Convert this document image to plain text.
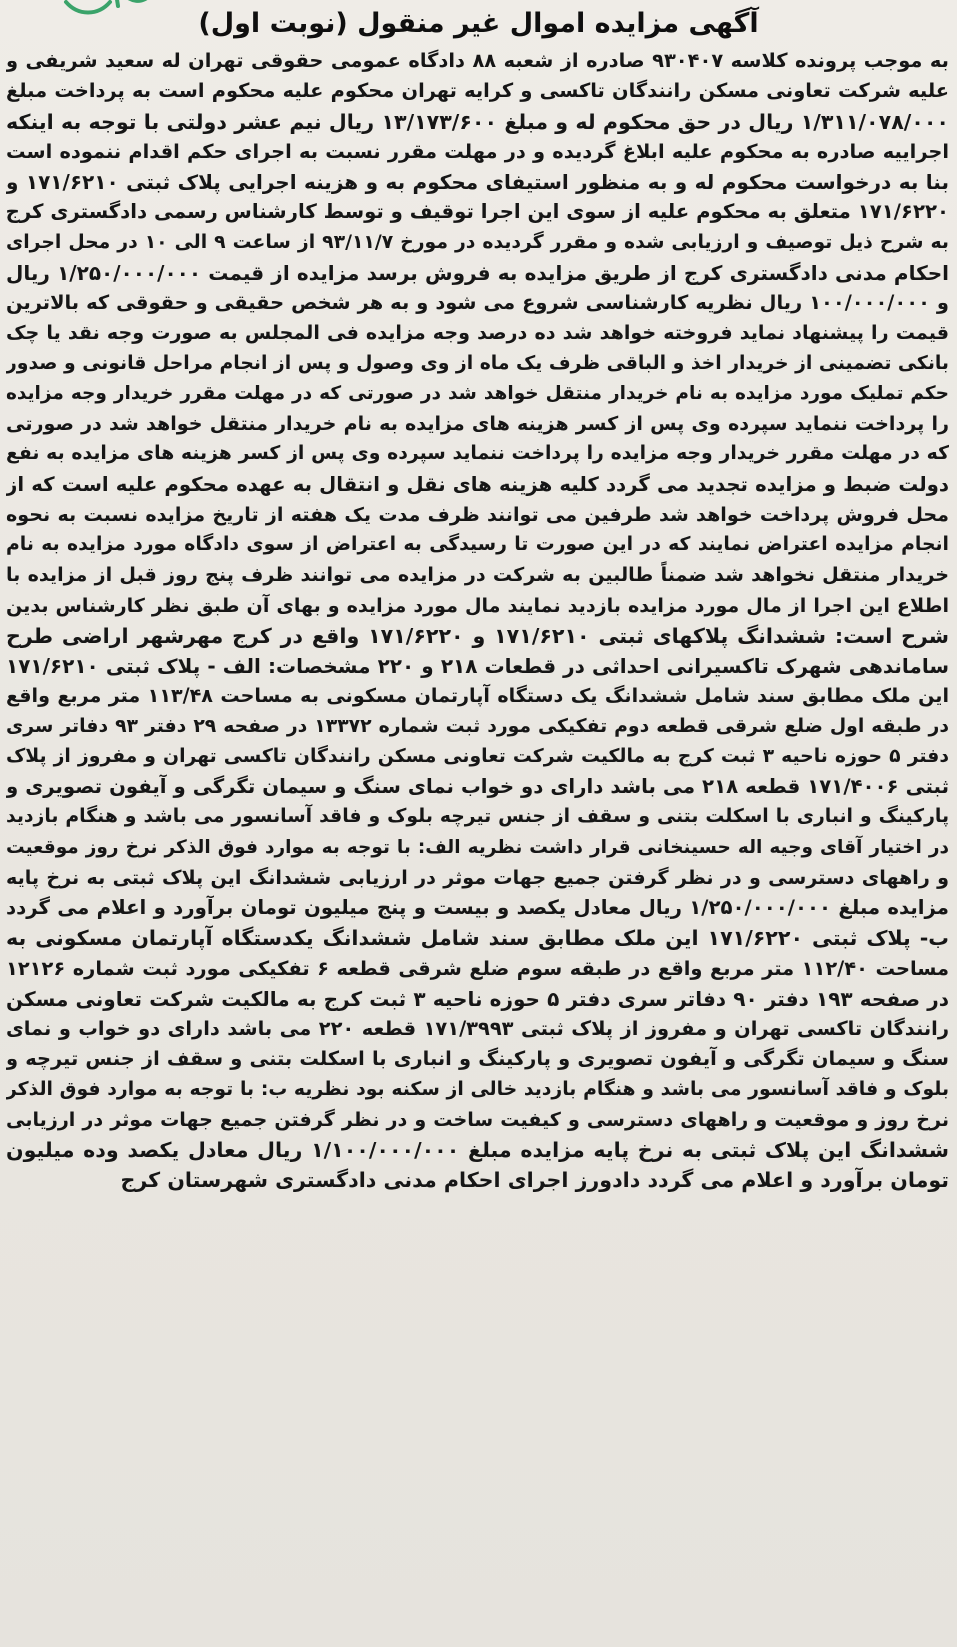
آگهی مزایده اموال غیر منقول (نوبت اول)
به موجب پرونده کلاسه ۹۳۰۴۰۷ صادره از شعبه ۸۸ دادگاه عمومی حقوقی تهران له سعید شریفی و
علیه شرکت تعاونی مسکن رانندگان تاکسی و کرایه تهران محکوم علیه محکوم است به پرداخت مبلغ
۱/۳۱۱/۰۷۸/۰۰۰ ریال در حق محکوم له و مبلغ ۱۳/۱۷۳/۶۰۰ ریال نیم عشر دولتی با توجه به اینکه
اجراییه صادره به محکوم علیه ابلاغ گردیده و در مهلت مقرر نسبت به اجرای حکم اقدام ننموده است
بنا به درخواست محکوم له و به منظور استیفای محکوم به و هزینه اجرایی پلاک ثبتی ۱۷۱/۶۲۱۰ و
۱۷۱/۶۲۲۰ متعلق به محکوم علیه از سوی این اجرا توقیف و توسط کارشناس رسمی دادگستری کرج
به شرح ذیل توصیف و ارزیابی شده و مقرر گردیده در مورخ ۹۳/۱۱/۷ از ساعت ۹ الی ۱۰ در محل اجرای
احکام مدنی دادگستری کرج از طریق مزایده به فروش برسد مزایده از قیمت ۱/۲۵۰/۰۰۰/۰۰۰ ریال
و ۱۰۰/۰۰۰/۰۰۰ ریال نظریه کارشناسی شروع می شود و به هر شخص حقیقی و حقوقی که بالاترین
قیمت را پیشنهاد نماید فروخته خواهد شد ده درصد وجه مزایده فی المجلس به صورت وجه نقد یا چک
بانکی تضمینی از خریدار اخذ و الباقی ظرف یک ماه از وی وصول و پس از انجام مراحل قانونی و صدور
حکم تملیک مورد مزایده به نام خریدار منتقل خواهد شد در صورتی که در مهلت مقرر خریدار وجه مزایده
را پرداخت ننماید سپرده وی پس از کسر هزینه های مزایده به نام خریدار منتقل خواهد شد در صورتی
که در مهلت مقرر خریدار وجه مزایده را پرداخت ننماید سپرده وی پس از کسر هزینه های مزایده به نفع
دولت ضبط و مزایده تجدید می گردد کلیه هزینه های نقل و انتقال به عهده محکوم علیه است که از
محل فروش پرداخت خواهد شد طرفین می توانند ظرف مدت یک هفته از تاریخ مزایده نسبت به نحوه
انجام مزایده اعتراض نمایند که در این صورت تا رسیدگی به اعتراض از سوی دادگاه مورد مزایده به نام
خریدار منتقل نخواهد شد ضمناً طالبین به شرکت در مزایده می توانند ظرف پنج روز قبل از مزایده با
اطلاع این اجرا از مال مورد مزایده بازدید نمایند مال مورد مزایده و بهای آن طبق نظر کارشناس بدین
شرح است: ششدانگ پلاکهای ثبتی ۱۷۱/۶۲۱۰ و ۱۷۱/۶۲۲۰ واقع در کرج مهرشهر اراضی طرح
ساماندهی شهرک تاکسیرانی احداثی در قطعات ۲۱۸ و ۲۲۰ مشخصات: الف - پلاک ثبتی ۱۷۱/۶۲۱۰
این ملک مطابق سند شامل ششدانگ یک دستگاه آپارتمان مسکونی به مساحت ۱۱۳/۴۸ متر مربع واقع
در طبقه اول ضلع شرقی قطعه دوم تفکیکی مورد ثبت شماره ۱۳۳۷۲ در صفحه ۲۹ دفتر ۹۳ دفاتر سری
دفتر ۵ حوزه ناحیه ۳ ثبت کرج به مالکیت شرکت تعاونی مسکن رانندگان تاکسی تهران و مفروز از پلاک
ثبتی ۱۷۱/۴۰۰۶ قطعه ۲۱۸ می باشد دارای دو خواب نمای سنگ و سیمان تگرگی و آیفون تصویری و
پارکینگ و انباری با اسکلت بتنی و سقف از جنس تیرچه بلوک و فاقد آسانسور می باشد و هنگام بازدید
در اختیار آقای وجیه اله حسینخانی قرار داشت نظریه الف: با توجه به موارد فوق الذکر نرخ روز موقعیت
و راههای دسترسی و در نظر گرفتن جمیع جهات موثر در ارزیابی ششدانگ این پلاک ثبتی به نرخ پایه
مزایده مبلغ ۱/۲۵۰/۰۰۰/۰۰۰ ریال معادل یکصد و بیست و پنج میلیون تومان برآورد و اعلام می گردد
ب- پلاک ثبتی ۱۷۱/۶۲۲۰ این ملک مطابق سند شامل ششدانگ یکدستگاه آپارتمان مسکونی به
مساحت ۱۱۲/۴۰ متر مربع واقع در طبقه سوم ضلع شرقی قطعه ۶ تفکیکی مورد ثبت شماره ۱۲۱۲۶
در صفحه ۱۹۳ دفتر ۹۰ دفاتر سری دفتر ۵ حوزه ناحیه ۳ ثبت کرج به مالکیت شرکت تعاونی مسکن
رانندگان تاکسی تهران و مفروز از پلاک ثبتی ۱۷۱/۳۹۹۳ قطعه ۲۲۰ می باشد دارای دو خواب و نمای
سنگ و سیمان تگرگی و آیفون تصویری و پارکینگ و انباری با اسکلت بتنی و سقف از جنس تیرچه و
بلوک و فاقد آسانسور می باشد و هنگام بازدید خالی از سکنه بود نظریه ب: با توجه به موارد فوق الذکر
نرخ روز و موقعیت و راههای دسترسی و کیفیت ساخت و در نظر گرفتن جمیع جهات موثر در ارزیابی
ششدانگ این پلاک ثبتی به نرخ پایه مزایده مبلغ ۱/۱۰۰/۰۰۰/۰۰۰ ریال معادل یکصد وده میلیون
تومان برآورد و اعلام می گردد دادورز اجرای احکام مدنی دادگستری شهرستان کرج
